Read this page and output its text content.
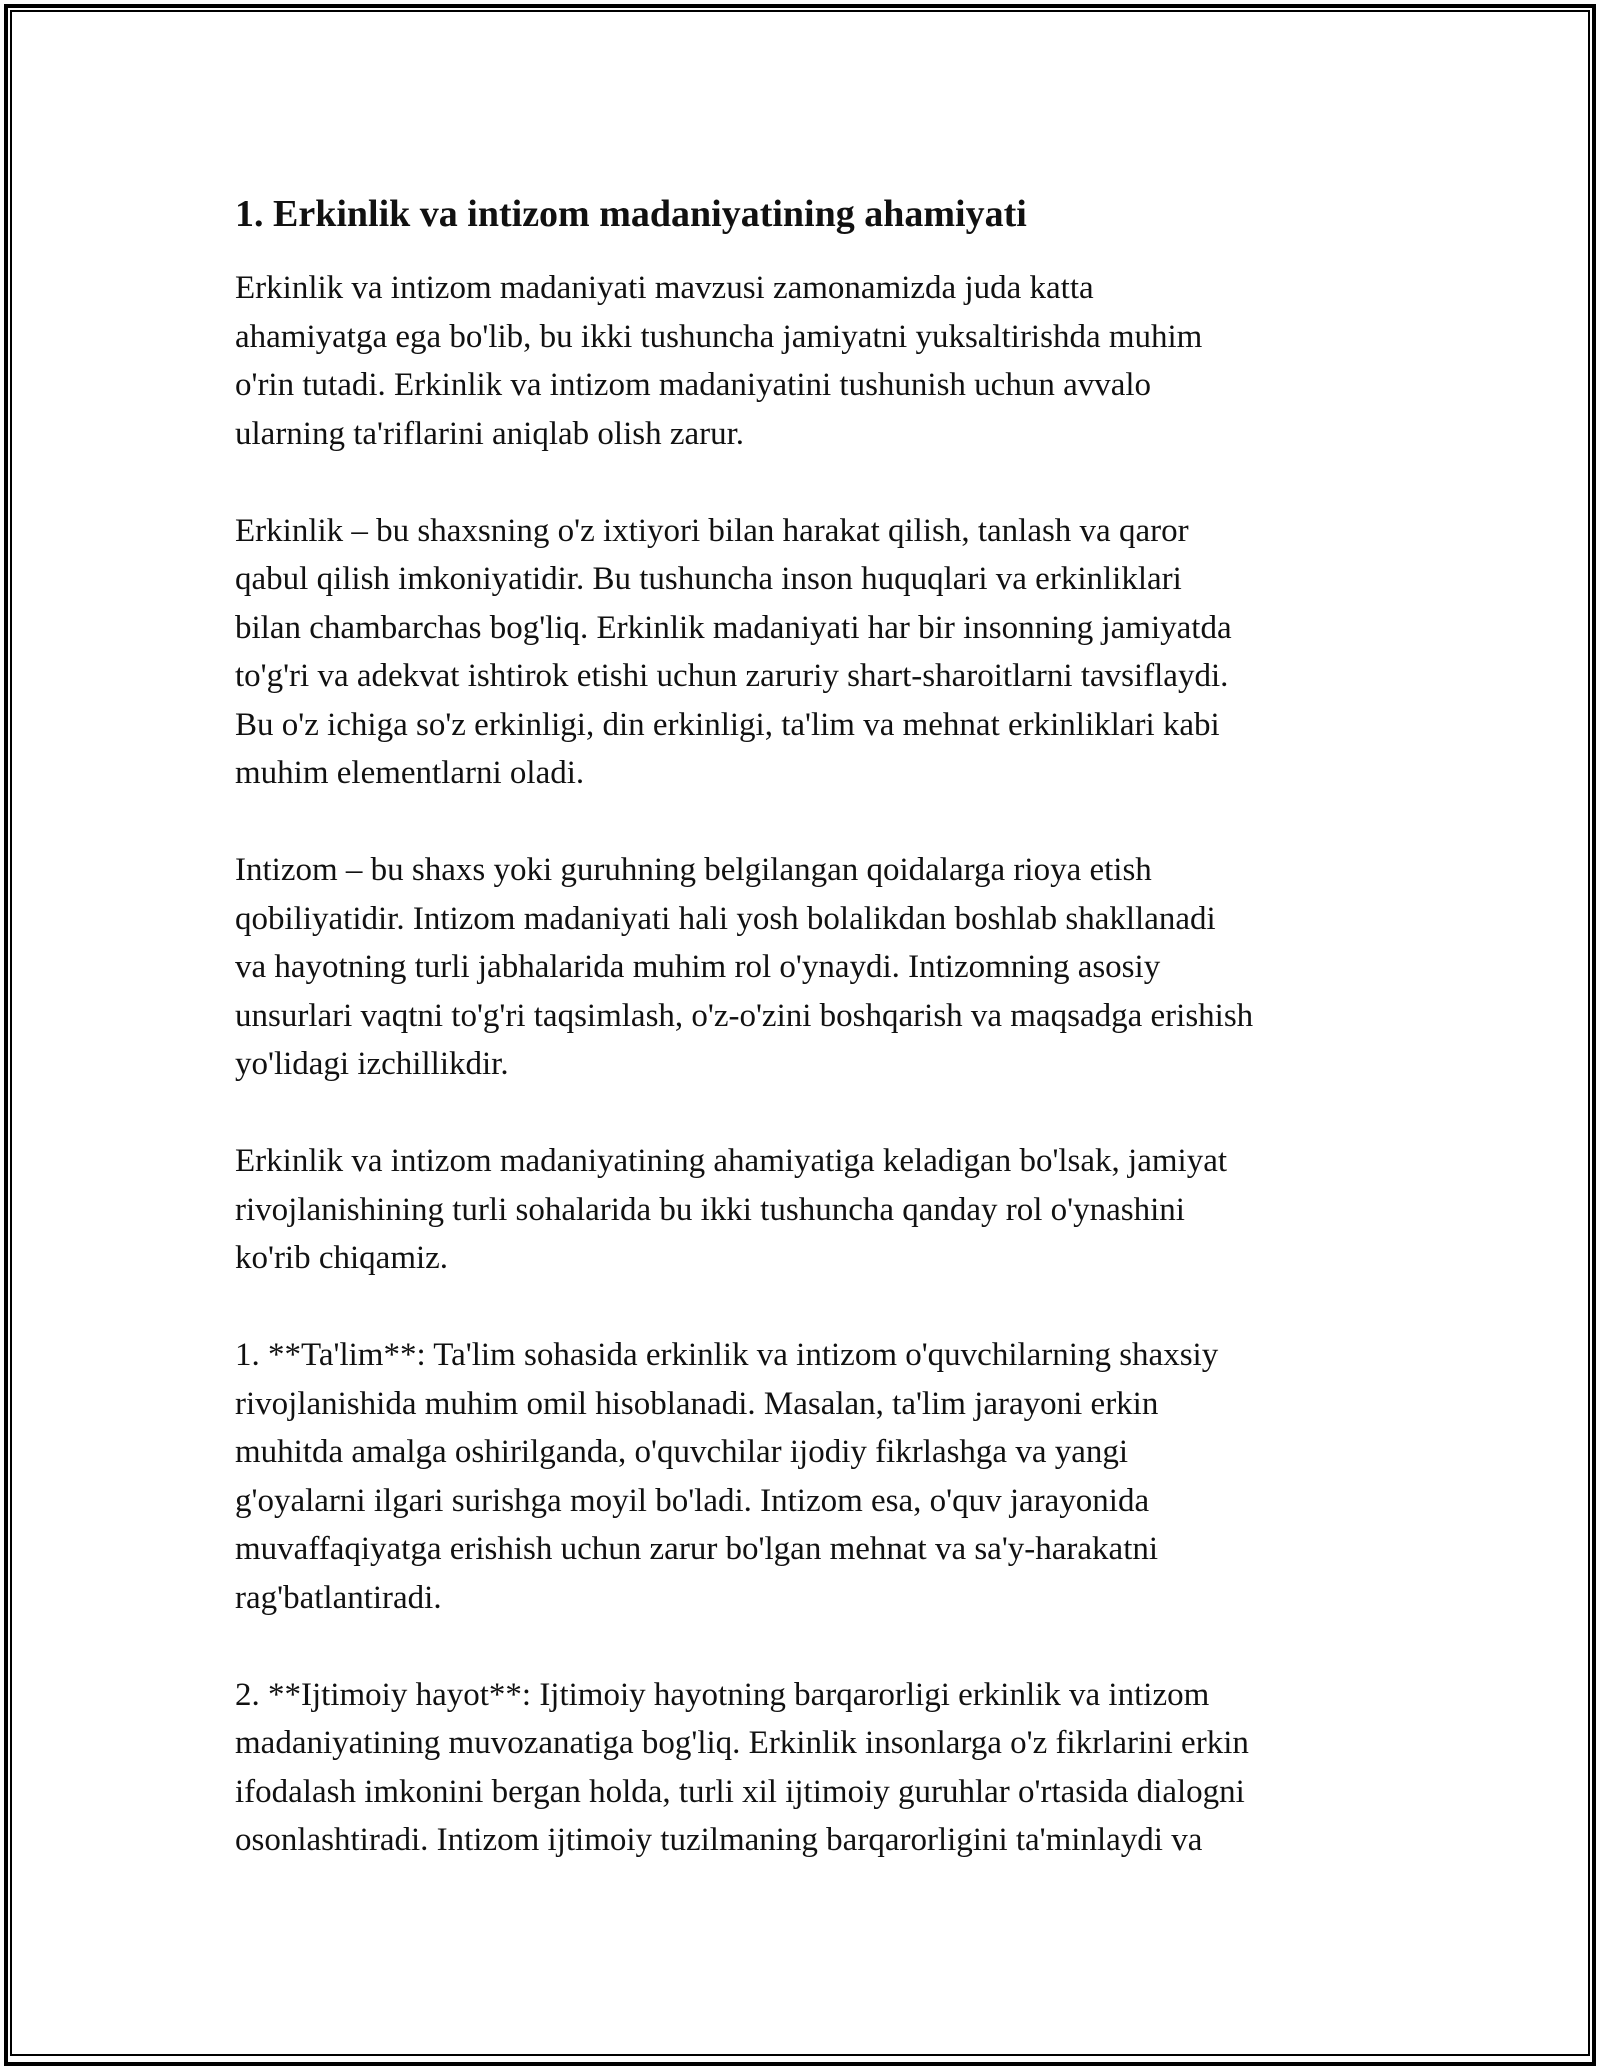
1. Erkinlik va intizom madaniyatining ahamiyati
Erkinlik va intizom madaniyati mavzusi zamonamizda juda katta
ahamiyatga ega bo'lib, bu ikki tushuncha jamiyatni yuksaltirishda muhim
o'rin tutadi. Erkinlik va intizom madaniyatini tushunish uchun avvalo
ularning ta'riflarini aniqlab olish zarur.
Erkinlik – bu shaxsning o'z ixtiyori bilan harakat qilish, tanlash va qaror
qabul qilish imkoniyatidir. Bu tushuncha inson huquqlari va erkinliklari
bilan chambarchas bog'liq. Erkinlik madaniyati har bir insonning jamiyatda
to'g'ri va adekvat ishtirok etishi uchun zaruriy shart-sharoitlarni tavsiflaydi.
Bu o'z ichiga so'z erkinligi, din erkinligi, ta'lim va mehnat erkinliklari kabi
muhim elementlarni oladi.
Intizom – bu shaxs yoki guruhning belgilangan qoidalarga rioya etish
qobiliyatidir. Intizom madaniyati hali yosh bolalikdan boshlab shakllanadi
va hayotning turli jabhalarida muhim rol o'ynaydi. Intizomning asosiy
unsurlari vaqtni to'g'ri taqsimlash, o'z-o'zini boshqarish va maqsadga erishish
yo'lidagi izchillikdir.
Erkinlik va intizom madaniyatining ahamiyatiga keladigan bo'lsak, jamiyat
rivojlanishining turli sohalarida bu ikki tushuncha qanday rol o'ynashini
ko'rib chiqamiz.
1. **Ta'lim**: Ta'lim sohasida erkinlik va intizom o'quvchilarning shaxsiy
rivojlanishida muhim omil hisoblanadi. Masalan, ta'lim jarayoni erkin
muhitda amalga oshirilganda, o'quvchilar ijodiy fikrlashga va yangi
g'oyalarni ilgari surishga moyil bo'ladi. Intizom esa, o'quv jarayonida
muvaffaqiyatga erishish uchun zarur bo'lgan mehnat va sa'y-harakatni
rag'batlantiradi.
2. **Ijtimoiy hayot**: Ijtimoiy hayotning barqarorligi erkinlik va intizom
madaniyatining muvozanatiga bog'liq. Erkinlik insonlarga o'z fikrlarini erkin
ifodalash imkonini bergan holda, turli xil ijtimoiy guruhlar o'rtasida dialogni
osonlashtiradi. Intizom ijtimoiy tuzilmaning barqarorligini ta'minlaydi va
